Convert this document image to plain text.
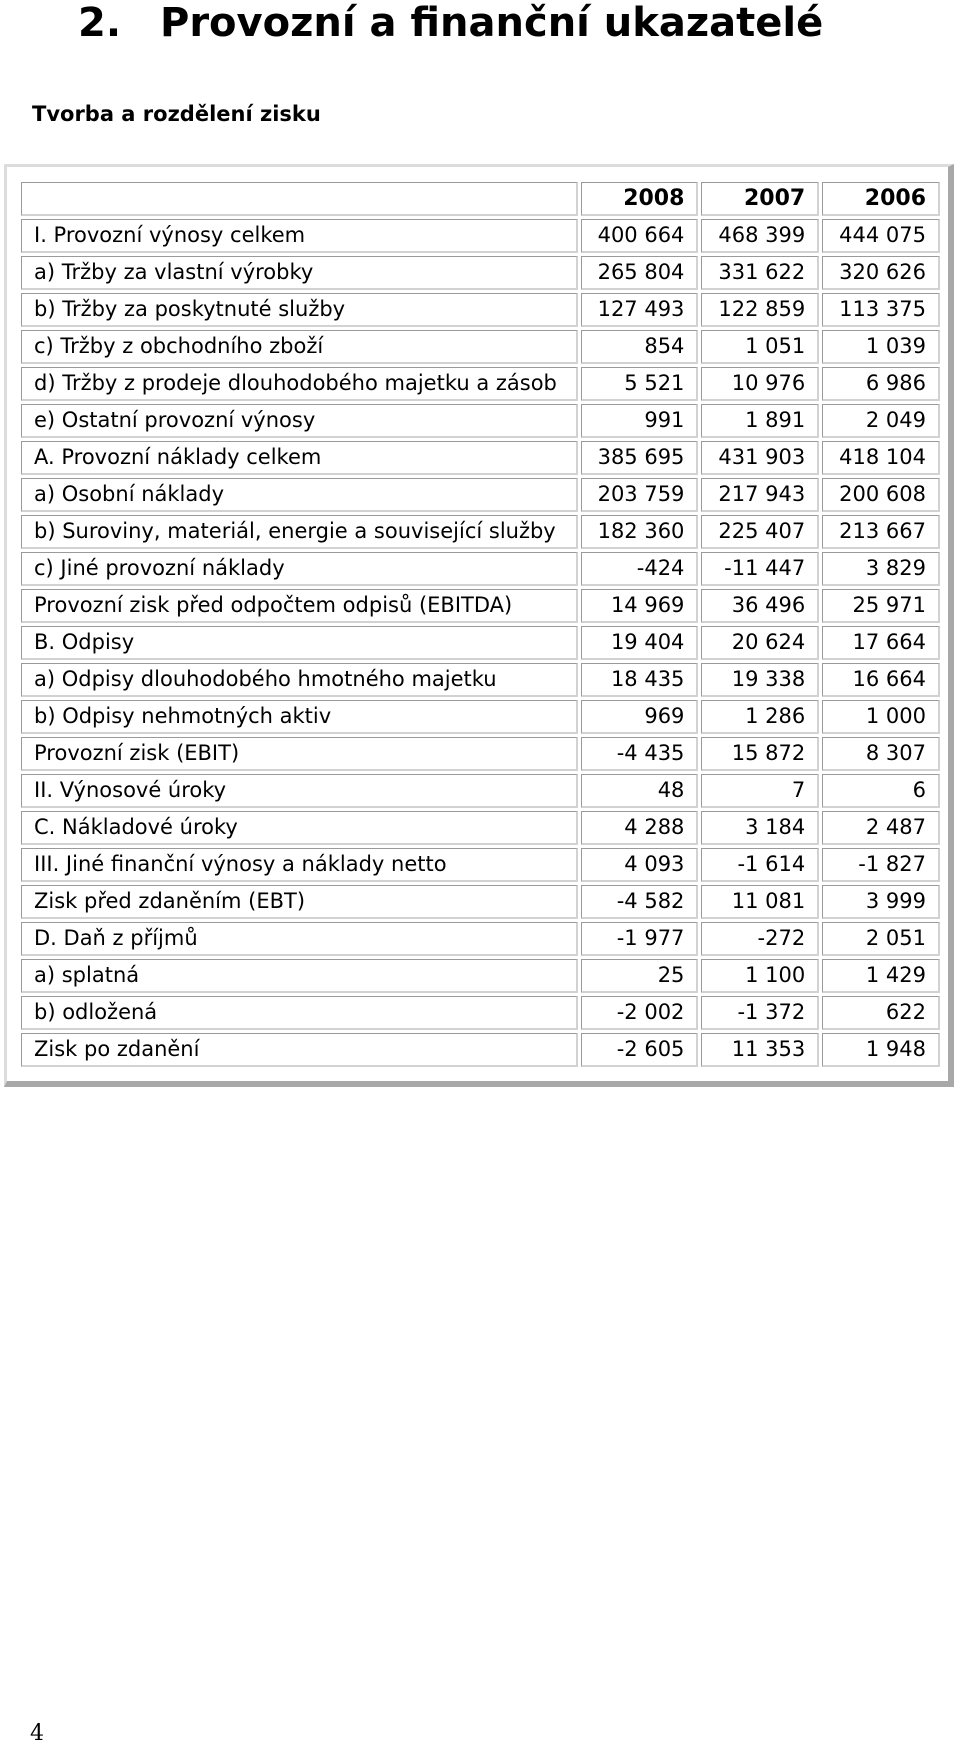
2. Provozní a finanční ukazatelé
Tvorba a rozdělení zisku
	2008	2007	2006
I. Provozní výnosy celkem	400 664	468 399	444 075
a) Tržby za vlastní výrobky	265 804	331 622	320 626
b) Tržby za poskytnuté služby	127 493	122 859	113 375
c) Tržby z obchodního zboží	854	1 051	1 039
d) Tržby z prodeje dlouhodobého majetku a zásob	5 521	10 976	6 986
e) Ostatní provozní výnosy	991	1 891	2 049
A. Provozní náklady celkem	385 695	431 903	418 104
a) Osobní náklady	203 759	217 943	200 608
b) Suroviny, materiál, energie a související služby	182 360	225 407	213 667
c) Jiné provozní náklady	-424	-11 447	3 829
Provozní zisk před odpočtem odpisů (EBITDA)	14 969	36 496	25 971
B. Odpisy	19 404	20 624	17 664
a) Odpisy dlouhodobého hmotného majetku	18 435	19 338	16 664
b) Odpisy nehmotných aktiv	969	1 286	1 000
Provozní zisk (EBIT)	-4 435	15 872	8 307
II. Výnosové úroky	48	7	6
C. Nákladové úroky	4 288	3 184	2 487
III. Jiné finanční výnosy a náklady netto	4 093	-1 614	-1 827
Zisk před zdaněním (EBT)	-4 582	11 081	3 999
D. Daň z příjmů	-1 977	-272	2 051
a) splatná	25	1 100	1 429
b) odložená	-2 002	-1 372	622
Zisk po zdanění	-2 605	11 353	1 948
4
